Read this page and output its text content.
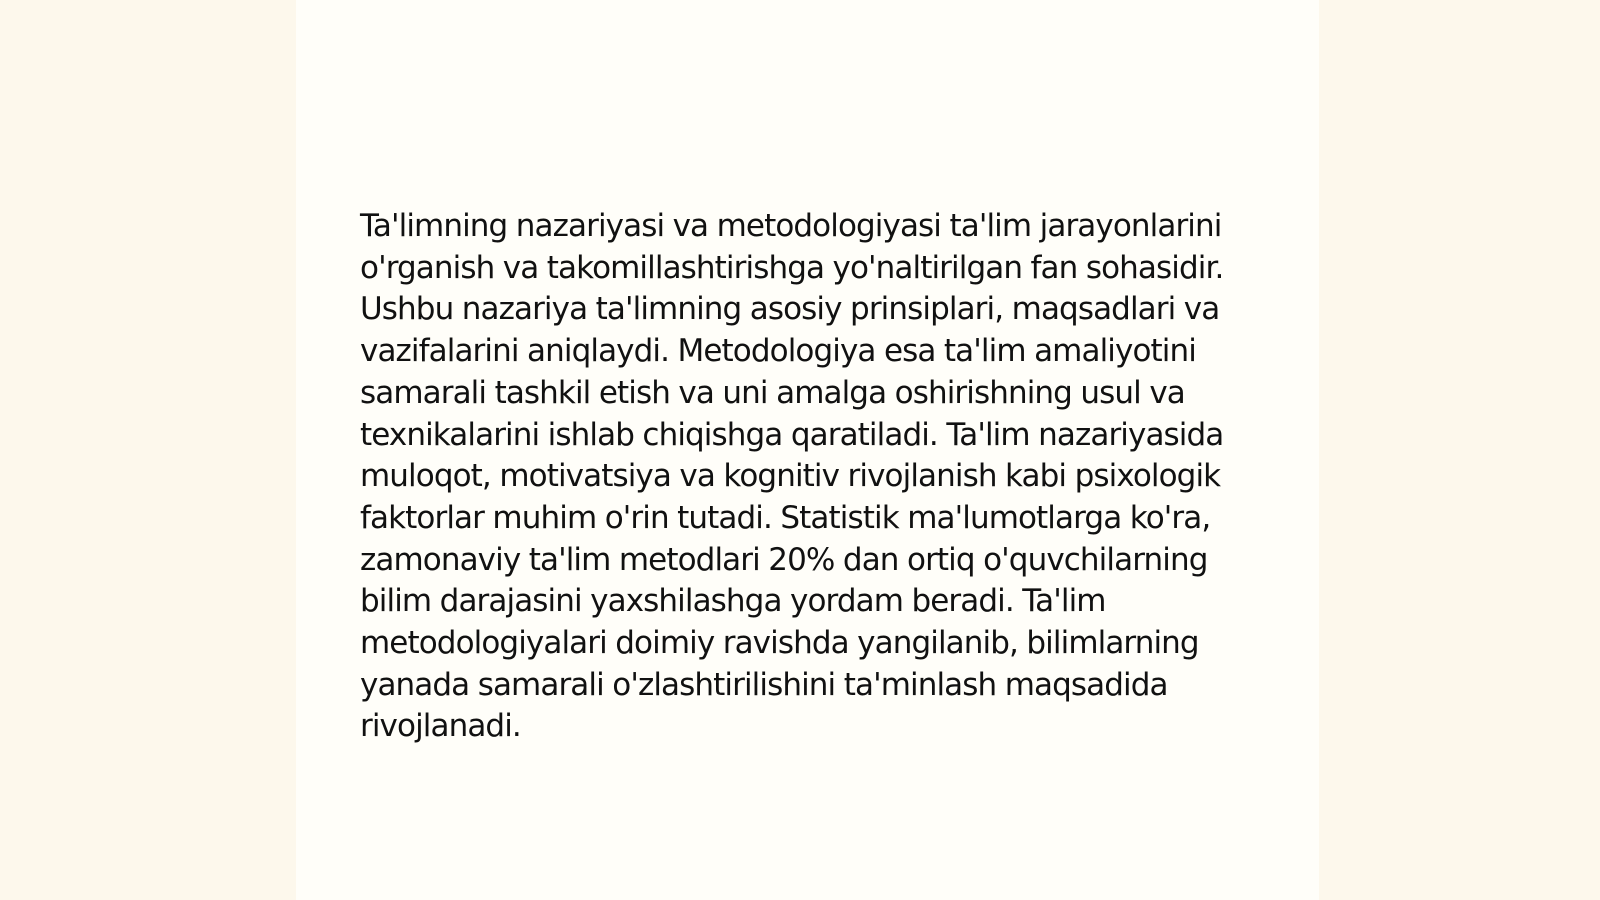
Ta'limning nazariyasi va metodologiyasi ta'lim jarayonlarini o'rganish va takomillashtirishga yo'naltirilgan fan sohasidir. Ushbu nazariya ta'limning asosiy prinsiplari, maqsadlari va vazifalarini aniqlaydi. Metodologiya esa ta'lim amaliyotini samarali tashkil etish va uni amalga oshirishning usul va texnikalarini ishlab chiqishga qaratiladi. Ta'lim nazariyasida muloqot, motivatsiya va kognitiv rivojlanish kabi psixologik faktorlar muhim o'rin tutadi. Statistik ma'lumotlarga ko'ra, zamonaviy ta'lim metodlari 20% dan ortiq o'quvchilarning bilim darajasini yaxshilashga yordam beradi. Ta'lim metodologiyalari doimiy ravishda yangilanib, bilimlarning yanada samarali o'zlashtirilishini ta'minlash maqsadida rivojlanadi.
